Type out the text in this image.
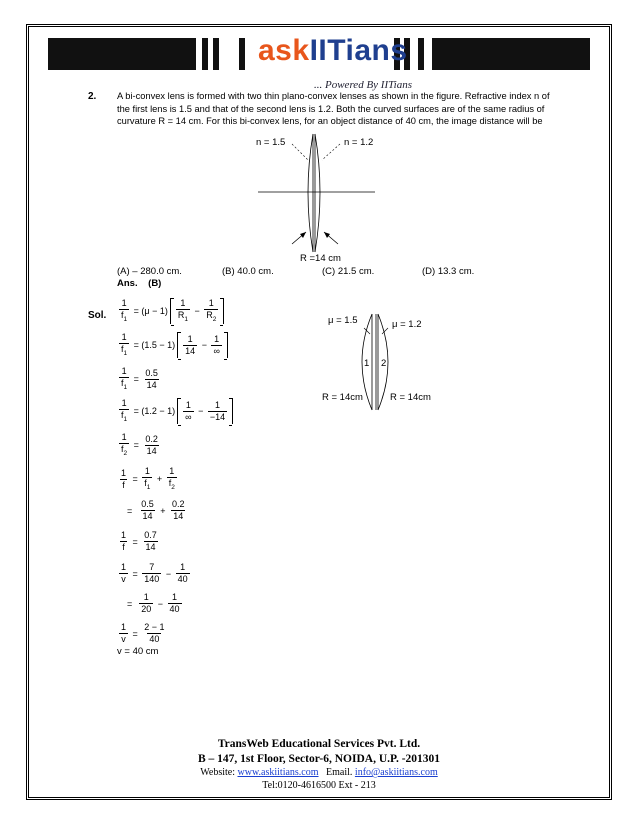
askIITians
... Powered By IITians
2. A bi-convex lens is formed with two thin plano-convex lenses as shown in the figure. Refractive index n of the first lens is 1.5 and that of the second lens is 1.2. Both the curved surfaces are of the same radius of curvature R = 14 cm. For this bi-convex lens, for an object distance of 40 cm, the image distance will be
n = 1.5	n = 1.2
R =14 cm
(A) – 280.0 cm.	(B) 40.0 cm.	(C) 21.5 cm.	(D) 13.3 cm.
Ans. (B)
Sol.
1
$f_1$
= (μ − 1)
1
$R_1$
−
1
$R_2$
1
$f_1$
= (1.5 − 1)
1
14
−
1
∞
1
$f_1$
=
0.5
14
1
$f_1$
= (1.2 − 1)
1
∞
−
1
−14
1
$f_2$
=
0.2
14
1
f
=
1
$f_1$
+
1
$f_2$
=
0.5
14
+
0.2
14
1
f
=
0.7
14
1
v
=
7
140
−
1
40
=
1
20
−
1
40
1
v
=
2 − 1
40
v = 40 cm
μ = 1.5	μ = 1.2
1 2
R = 14cm	R = 14cm
TransWeb Educational Services Pvt. Ltd.
B – 147, 1st Floor, Sector-6, NOIDA, U.P. -201301
Website: www.askiitians.com Email. info@askiitians.com
Tel:0120-4616500 Ext - 213
